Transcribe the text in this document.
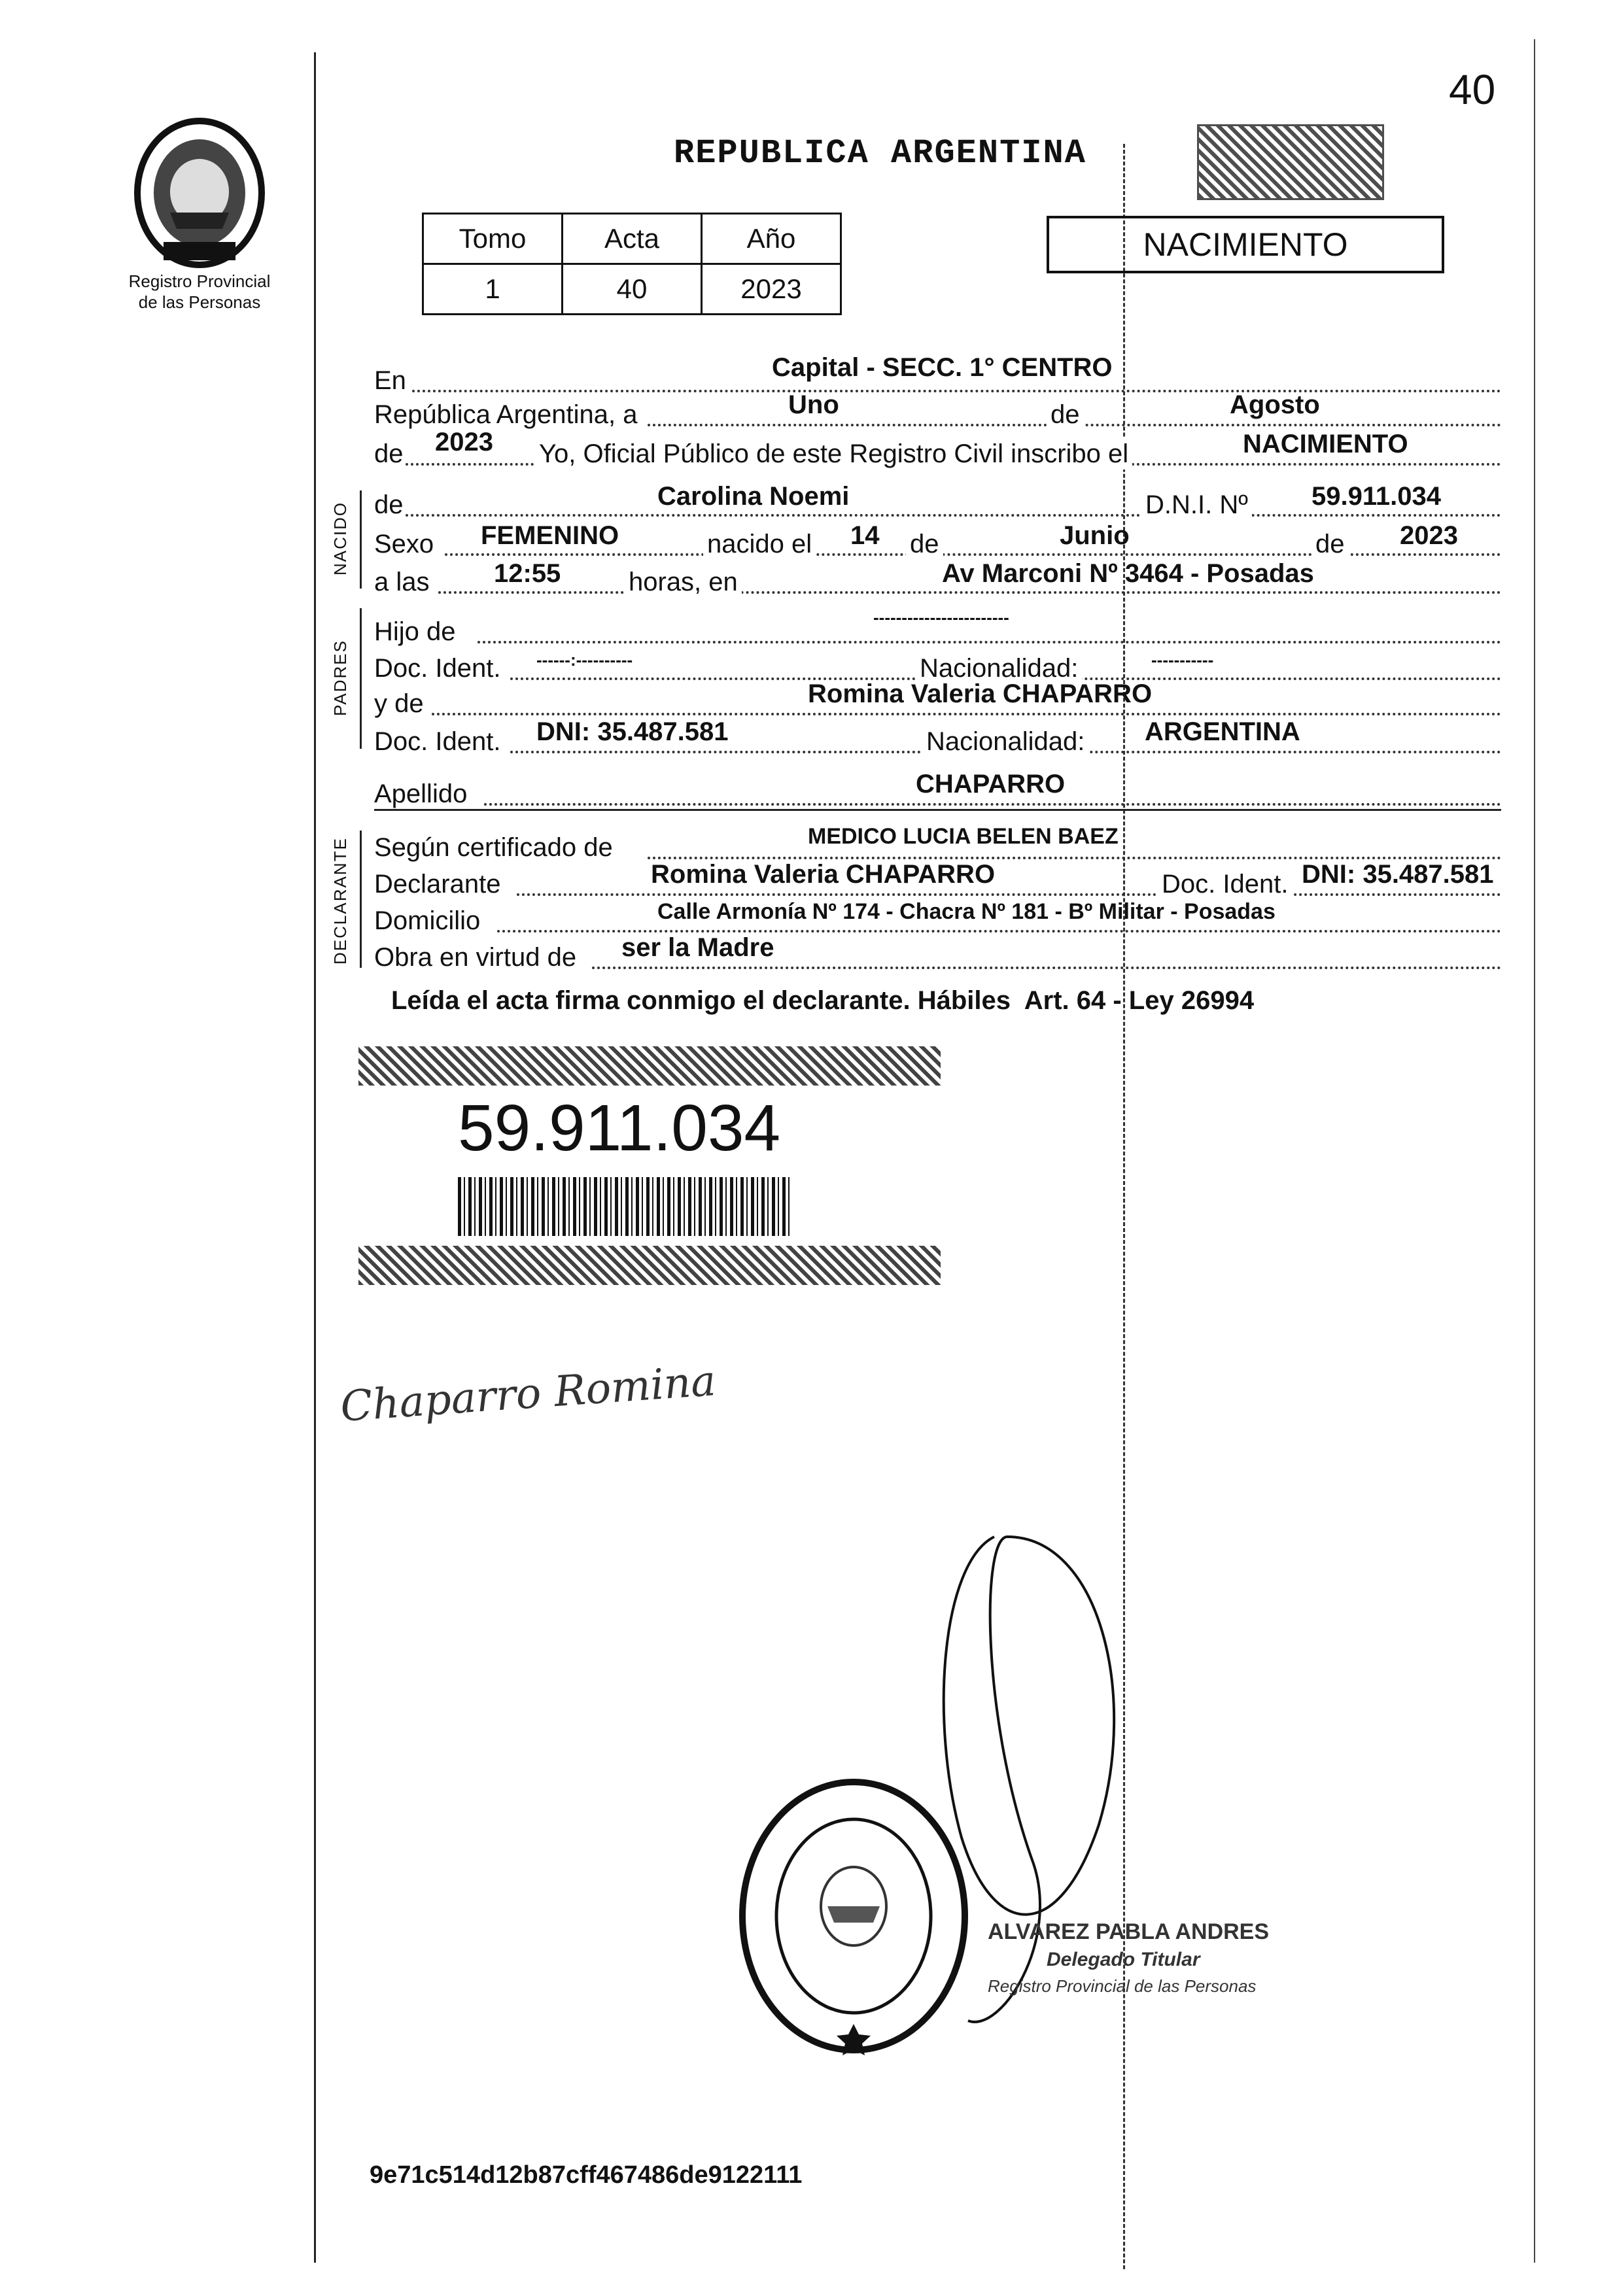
40
Registro Provincial
de las Personas
REPUBLICA ARGENTINA
Tomo	Acta	Año
1	40	2023
NACIMIENTO
En	Capital - SECC. 1° CENTRO
República Argentina, a	Uno	de	Agosto
de 2023 Yo, Oficial Público de este Registro Civil inscribo el	NACIMIENTO
NACIDO de	Carolina Noemi	D.N.I. Nº 59.911.034
Sexo FEMENINO	nacido el 14 de	Junio	de 2023
a las 12:55	horas, en	Av Marconi Nº 3464 - Posadas
PADRES
Hijo de	------------------------
Doc. Ident. ------:----------	Nacionalidad:	-----------
y de	Romina Valeria CHAPARRO
Doc. Ident. DNI: 35.487.581	Nacionalidad: ARGENTINA
Apellido	CHAPARRO
DECLARANTE Según certificado de	MEDICO LUCIA BELEN BAEZ
Declarante	Romina Valeria CHAPARRO	Doc. Ident. DNI: 35.487.581
Domicilio	Calle Armonía Nº 174 - Chacra Nº 181 - Bº Militar - Posadas
Obra en virtud de ser la Madre
Leída el acta firma conmigo el declarante. Hábiles  Art. 64 - Ley 26994
59.911.034
Chaparro Romina
ALVAREZ PABLA ANDRES
Delegado Titular
Registro Provincial de las Personas
9e71c514d12b87cff467486de9122111
